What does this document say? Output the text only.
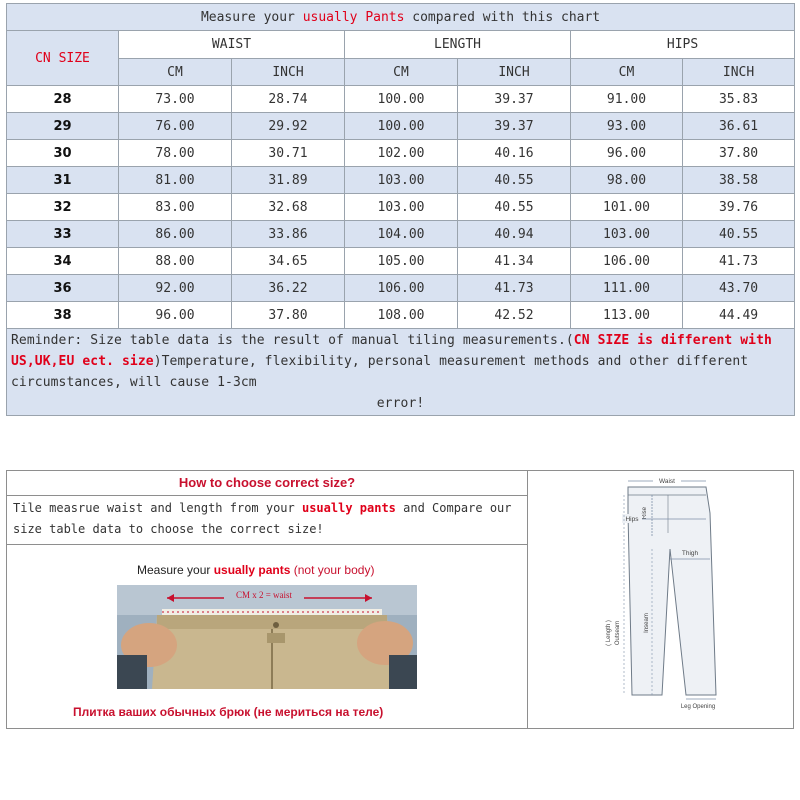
Measure your usually Pants compared with this chart						
CN SIZE	WAIST		LENGTH		HIPS	
	CM	INCH	CM	INCH	CM	INCH
28	73.00	28.74	100.00	39.37	91.00	35.83
29	76.00	29.92	100.00	39.37	93.00	36.61
30	78.00	30.71	102.00	40.16	96.00	37.80
31	81.00	31.89	103.00	40.55	98.00	38.58
32	83.00	32.68	103.00	40.55	101.00	39.76
33	86.00	33.86	104.00	40.94	103.00	40.55
34	88.00	34.65	105.00	41.34	106.00	41.73
36	92.00	36.22	106.00	41.73	111.00	43.70
38	96.00	37.80	108.00	42.52	113.00	44.49
Reminder: Size table data is the result of manual tiling measurements.(CN SIZE is different with US,UK,EU ect. size)Temperature, flexibility, personal measurement methods and other different circumstances, will cause 1-3cm
error!						
How to choose correct size?
Tile measrue waist and length from your usually pants and Compare our size table data to choose the correct size!
Measure your usually pants (not your body)
CM x 2 = waist
Плитка ваших обычных брюк (не мериться на теле)
Waist
Rise
Hips
Thigh
( Length ) Outseam	Inseam
Leg Opening
